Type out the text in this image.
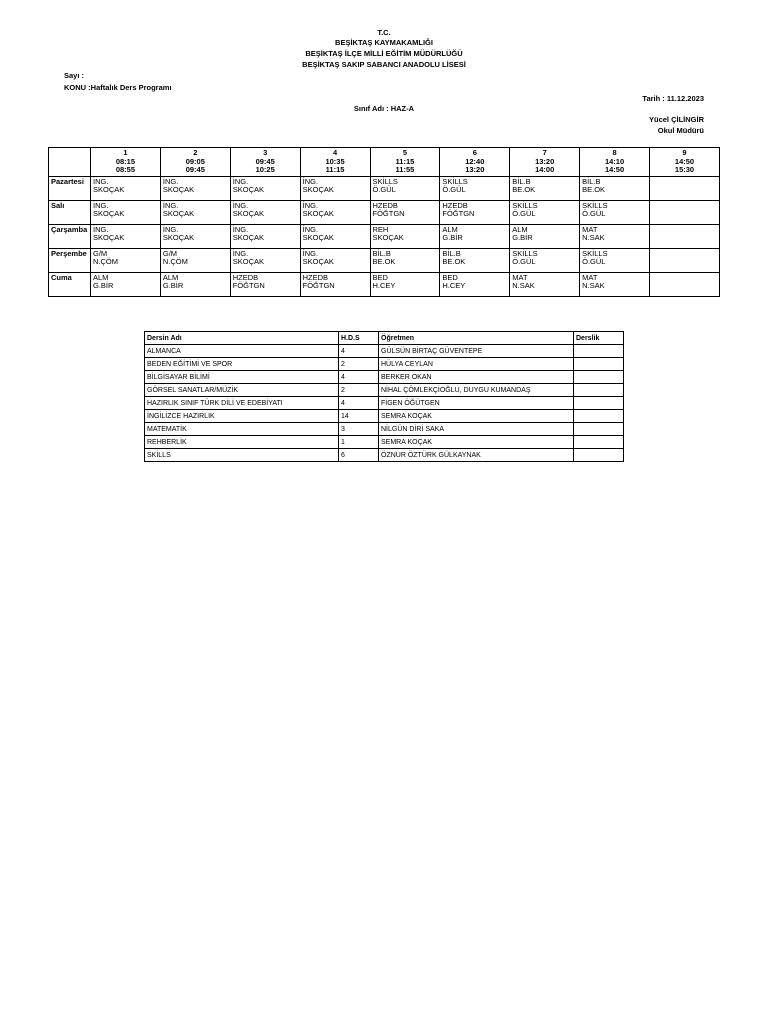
T.C.
BEŞİKTAŞ KAYMAKAMLIĞI
BEŞİKTAŞ İLÇE MİLLİ EĞİTİM MÜDÜRLÜĞÜ
BEŞİKTAŞ SAKIP SABANCI ANADOLU LİSESİ
Sayı :
KONU :Haftalık Ders Programı
Tarih : 11.12.2023
Sınıf Adı : HAZ-A
Yücel ÇİLİNGİR
Okul Müdürü

	1
08:15
08:55	2
09:05
09:45	3
09:45
10:25	4
10:35
11:15	5
11:15
11:55	6
12:40
13:20	7
13:20
14:00	8
14:10
14:50	9
14:50
15:30

Pazartesi	İNG.
SKOÇAK	İNG.
SKOÇAK	İNG.
SKOÇAK	İNG.
SKOÇAK	SKİLLS
Ö.GÜL	SKİLLS
Ö.GÜL	BİL.B
BE.OK	BİL.B
BE.OK	

Salı	İNG.
SKOÇAK	İNG.
SKOÇAK	İNG.
SKOÇAK	İNG.
SKOÇAK	HZEDB
FÖĞTGN	HZEDB
FÖĞTGN	SKİLLS
Ö.GÜL	SKİLLS
Ö.GÜL	

Çarşamba	İNG.
SKOÇAK	İNG.
SKOÇAK	İNG.
SKOÇAK	İNG.
SKOÇAK	REH
SKOÇAK	ALM
G.BİR	ALM
G.BİR	MAT
N.SAK	

Perşembe	G/M
N.ÇÖM	G/M
N.ÇÖM	İNG.
SKOÇAK	İNG.
SKOÇAK	BİL.B
BE.OK	BİL.B
BE.OK	SKİLLS
Ö.GÜL	SKİLLS
Ö.GÜL	

Cuma	ALM
G.BİR	ALM
G.BİR	HZEDB
FÖĞTGN	HZEDB
FÖĞTGN	BED
H.CEY	BED
H.CEY	MAT
N.SAK	MAT
N.SAK	

Dersin Adı	H.D.S	Öğretmen	Derslik
ALMANCA	4	GÜLSÜN BİRTAÇ GÜVENTEPE	
BEDEN EĞİTİMİ VE SPOR	2	HÜLYA CEYLAN	
BİLGİSAYAR BİLİMİ	4	BERKER OKAN	
GÖRSEL SANATLAR/MÜZİK	2	NİHAL ÇÖMLEKÇİOĞLU, DUYGU KUMANDAŞ	
HAZIRLIK SINIF TÜRK DİLİ VE EDEBİYATI	4	FİGEN ÖĞÜTGEN	
İNGİLİZCE HAZIRLIK	14	SEMRA KOÇAK	
MATEMATİK	3	NİLGÜN DİRİ SAKA	
REHBERLİK	1	SEMRA KOÇAK	
SKİLLS	6	ÖZNUR ÖZTÜRK GÜLKAYNAK	
